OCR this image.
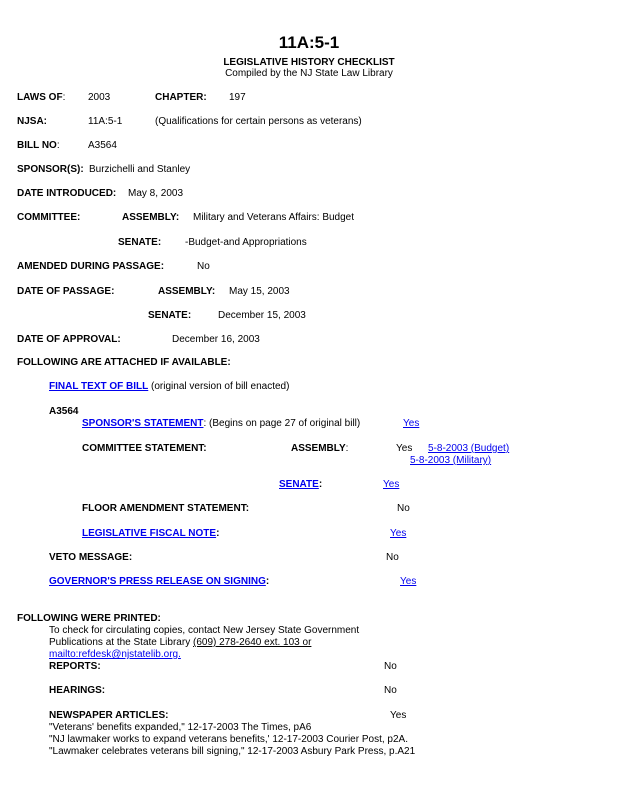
11A:5-1
LEGISLATIVE HISTORY CHECKLIST
Compiled by the NJ State Law Library
LAWS OF: 2003	CHAPTER: 197
NJSA:	11A:5-1	(Qualifications for certain persons as veterans)
BILL NO:	A3564
SPONSOR(S): Burzichelli and Stanley
DATE INTRODUCED: May 8, 2003
COMMITTEE:	ASSEMBLY: Military and Veterans Affairs: Budget
SENATE: -Budget-and Appropriations
AMENDED DURING PASSAGE:	No
DATE OF PASSAGE:	ASSEMBLY: May 15, 2003
SENATE:	December 15, 2003
DATE OF APPROVAL:	December 16, 2003
FOLLOWING ARE ATTACHED IF AVAILABLE:
FINAL TEXT OF BILL (original version of bill enacted)
A3564
SPONSOR'S STATEMENT: (Begins on page 27 of original bill)	Yes
COMMITTEE STATEMENT:	ASSEMBLY:	Yes 5-8-2003 (Budget)
5-8-2003 (Military)
SENATE:	Yes
FLOOR AMENDMENT STATEMENT:	No
LEGISLATIVE FISCAL NOTE:	Yes
VETO MESSAGE:	No
GOVERNOR'S PRESS RELEASE ON SIGNING:	Yes
FOLLOWING WERE PRINTED:
To check for circulating copies, contact New Jersey State Government
Publications at the State Library (609) 278-2640 ext. 103 or
mailto:refdesk@njstatelib.org.
REPORTS:	No
HEARINGS:	No
NEWSPAPER ARTICLES:	Yes
"Veterans' benefits expanded," 12-17-2003 The Times, pA6
"NJ lawmaker works to expand veterans benefits,' 12-17-2003 Courier Post, p2A.
"Lawmaker celebrates veterans bill signing," 12-17-2003 Asbury Park Press, p.A21
